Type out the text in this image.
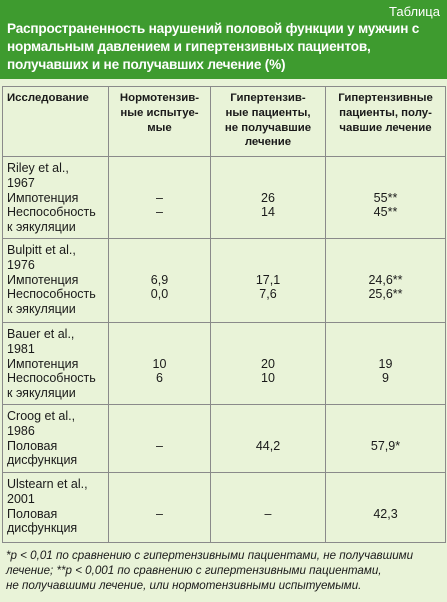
Таблица
Распространенность нарушений половой функции у мужчин с нормальным давлением и гипертензивных пациентов, получавших и не получавших лечение (%)
Исследование	Нормотензив-
ные испытуе-
мые	Гипертензив-
ные пациенты,
не получавшие
лечение	Гипертензивные
пациенты, полу-
чавшие лечение

Riley et al.,
1967
Импотенция
Неспособность
к эякуляции	–
–	26
14	55**
45**

Bulpitt et al.,
1976
Импотенция
Неспособность
к эякуляции	6,9
0,0	17,1
7,6	24,6**
25,6**

Bauer et al.,
1981
Импотенция
Неспособность
к эякуляции	10
6	20
10	19
9

Croog et al.,
1986
Половая
дисфункция	–	44,2	57,9*

Ulstearn et al.,
2001
Половая
дисфункция	–	–	42,3
*p < 0,01 по сравнению с гипертензивными пациентами, не получавшими
лечение; **p < 0,001 по сравнению с гипертензивными пациентами,
не получавшими лечение, или нормотензивными испытуемыми.
